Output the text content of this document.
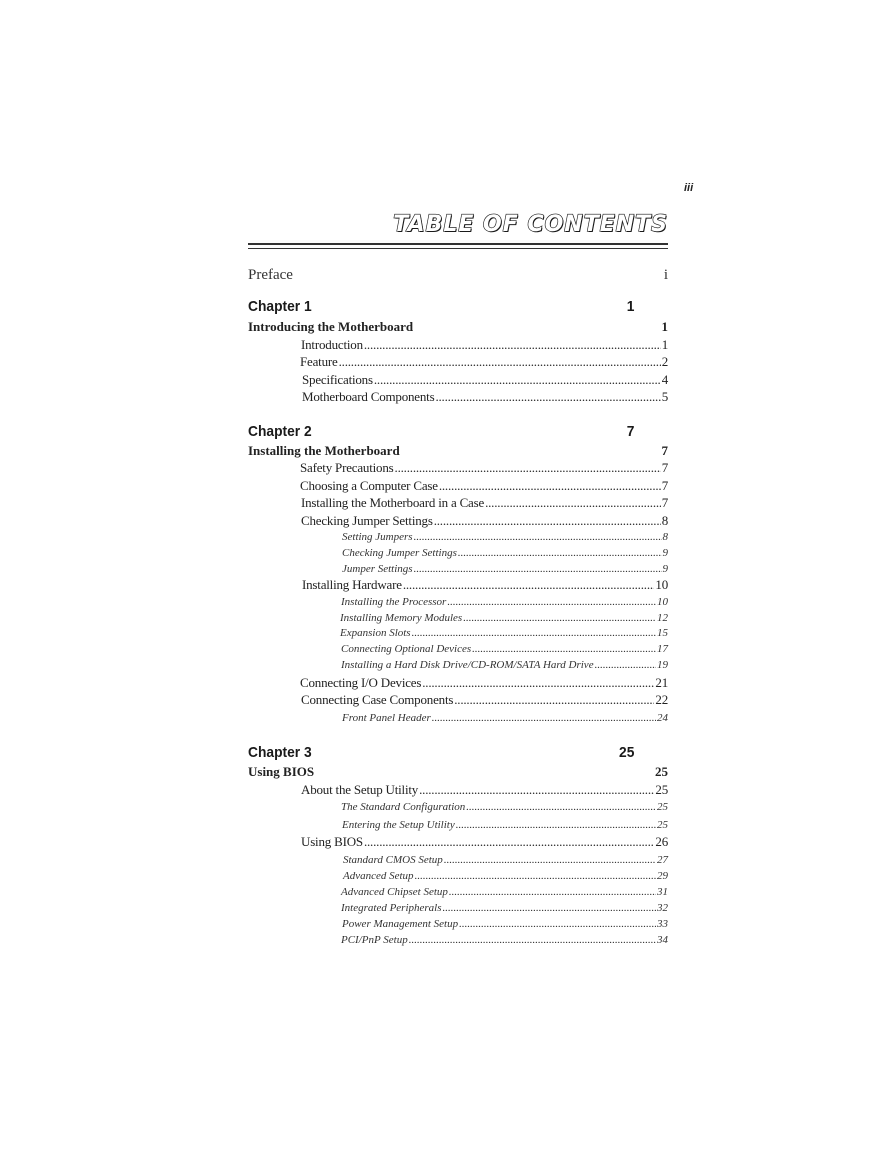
iii
TABLE OF CONTENTS
Preface	i
Chapter 1	1
Introducing the Motherboard	1
Introduction .....	1
Feature .....	2
Specifications .....	4
Motherboard Components .....	5
Chapter 2	7
Installing the Motherboard	7
Safety Precautions .....	7
Choosing a Computer Case .....	7
Installing the Motherboard in a Case .....	7
Checking Jumper Settings .....	8
Setting Jumpers .....	8
Checking Jumper Settings .....	9
Jumper Settings .....	9
Installing Hardware .....	10
Installing the Processor .....	10
Installing Memory Modules .....	12
Expansion Slots .....	15
Connecting Optional Devices .....	17
Installing a Hard Disk Drive/CD-ROM/SATA Hard Drive .....	19
Connecting I/O Devices .....	21
Connecting Case Components .....	22
Front Panel Header .....	24
Chapter 3	25
Using BIOS	25
About the Setup Utility .....	25
The Standard Configuration .....	25
Entering the Setup Utility .....	25
Using BIOS .....	26
Standard CMOS Setup .....	27
Advanced Setup .....	29
Advanced Chipset Setup .....	31
Integrated Peripherals .....	32
Power Management Setup .....	33
PCI/PnP Setup .....	34
